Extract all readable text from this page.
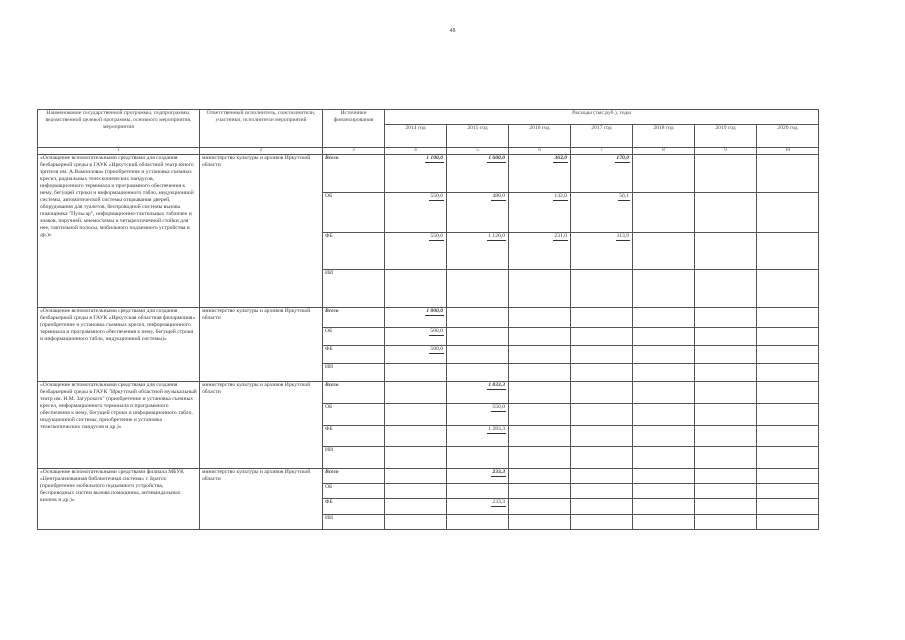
48
Наименование государственной программы, подпрограммы, ведомственной целевой программы, основного мероприятия, мероприятия	Ответственный исполнитель, соисполнители, участники, исполнители мероприятий	Источники финансирования	Расходы (тыс.руб.), годы						
			2014 год	2015 год	2016 год	2017 год	2018 год	2019 год	2020 год
1	2	3	4	5	6	7	8	9	10
«Оснащение вспомогательными средствами для создания безбарьерной среды в ГАУК «Иркутский областной театр юного зрителя им. А.Вампилова» (приобретение и установка съемных кресел, радиальных телескопических пандусов, информационного терминала и программного обеспечения к нему, бегущей строки и информационного табло, индукционной системы, автоматической системы открывания дверей, оборудования для туалетов, беспроводной системы вызова помощника "Пульсар", информационно-тактильных табличек и знаков, поручней, мнемосхемы и четырехточечной стойки для нее, тактильной полосы, мобильного подъемного устройства и др.)»	министерство культуры и архивов Иркутской области	Всего	1 100,0	1 600,0	363,0	170,0			
		ОБ	550,0	480,0	132,0	56,1			
		ФБ	550,0	1 120,0	231,0	113,9			
		ИИ							
«Оснащение вспомогательными средствами для создания безбарьерной среды в ГАУК «Иркутская областная филармония» (приобретение и установка съемных кресел, информационного терминала и программного обеспечения к нему, бегущей строки и информационного табло, индукционной системы)»	министерство культуры и архивов Иркутской области	Всего	1 000,0						
		ОБ	500,0						
		ФБ	500,0						
		ИИ							
«Оснащение вспомогательными средствами для создания безбарьерной среды в ГАУК "Иркутский областной музыкальный театр им. Н.М. Загурского" (приобретение и установка съемных кресел, информационного терминала и программного обеспечения к нему, бегущей строки и информационного табло, индукционной системы, приобретение и установка телескопических пандусов и др.)»	министерство культуры и архивов Иркутской области	Всего		1 833,3					
		ОБ		550,0					
		ФБ		1 283,3					
		ИИ							
«Оснащение вспомогательными средствами филиала МБУК «Централизованная библиотечная система» г. Братск (приобретение мобильного подъемного устройства, беспроводных систем вызова помощника, антивандальных кнопок и др.)»	министерство культуры и архивов Иркутской области	Всего		233,3					
		ОБ							
		ФБ		233,3					
		ИИ							
